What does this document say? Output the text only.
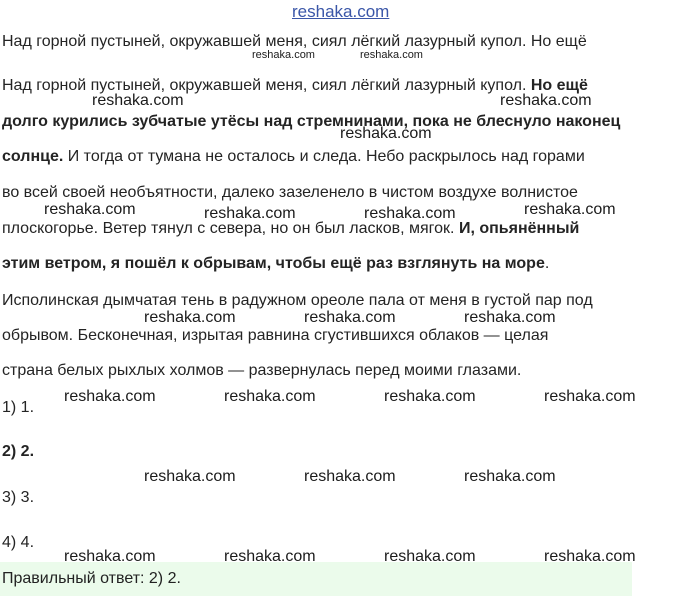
reshaka.com
Над горной пустыней, окружавшей меня, сиял лёгкий лазурный купол. Но ещё
Над горной пустыней, окружавшей меня, сиял лёгкий лазурный купол. Но ещё
долго курились зубчатые утёсы над стремнинами, пока не блеснуло наконец
солнце. И тогда от тумана не осталось и следа. Небо раскрылось над горами
во всей своей необъятности, далеко зазеленело в чистом воздухе волнистое
плоскогорье. Ветер тянул с севера, но он был ласков, мягок. И, опьянённый
этим ветром, я пошёл к обрывам, чтобы ещё раз взглянуть на море.
Исполинская дымчатая тень в радужном ореоле пала от меня в густой пар под
обрывом. Бесконечная, изрытая равнина сгустившихся облаков — целая
страна белых рыхлых холмов — развернулась перед моими глазами.
1) 1.
2) 2.
3) 3.
4) 4.
Правильный ответ: 2) 2.
reshaka.com	reshaka.com
reshaka.com	reshaka.com
reshaka.com
reshaka.com	reshaka.com
reshaka.com	reshaka.com
reshaka.com	reshaka.com	reshaka.com
reshaka.com	reshaka.com	reshaka.com	reshaka.com
reshaka.com	reshaka.com	reshaka.com
reshaka.com	reshaka.com	reshaka.com	reshaka.com
